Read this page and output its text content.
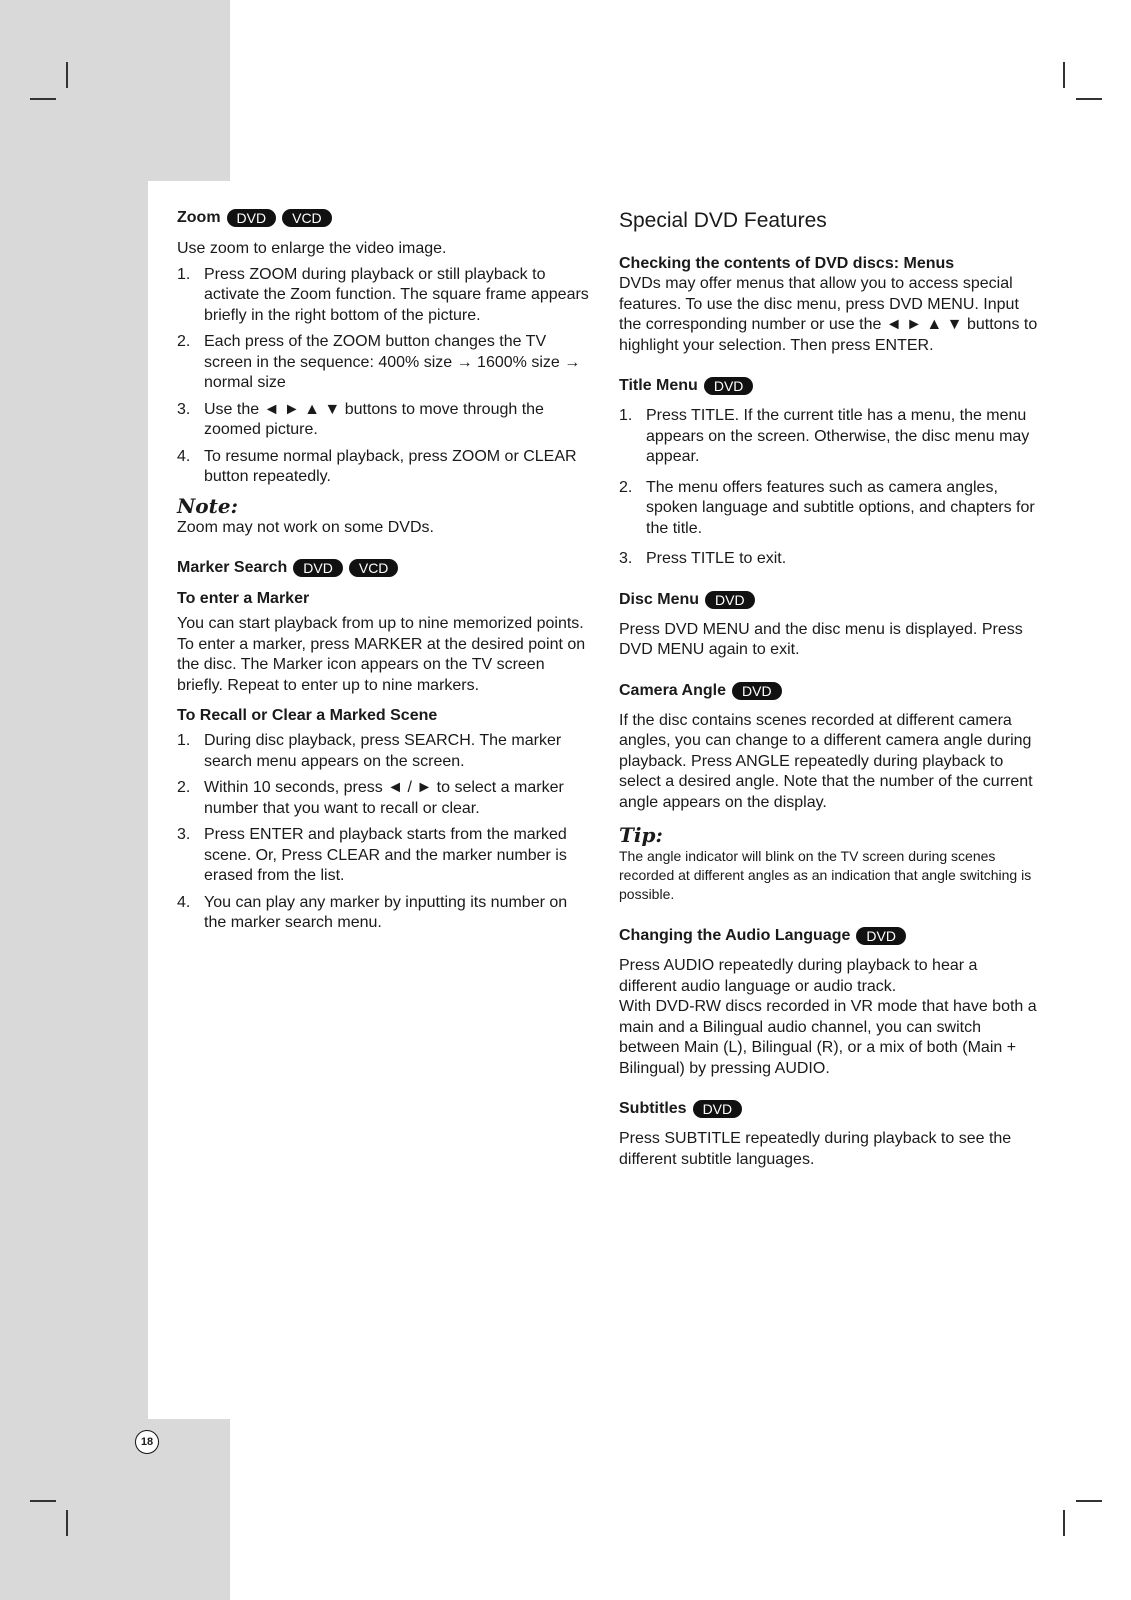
Zoom	DVD	VCD

Use zoom to enlarge the video image.

1. Press ZOOM during playback or still playback to activate the Zoom function. The square frame appears briefly in the right bottom of the picture.
2. Each press of the ZOOM button changes the TV screen in the sequence: 400% size → 1600% size → normal size
3. Use the ◄ ► ▲ ▼ buttons to move through the zoomed picture.
4. To resume normal playback, press ZOOM or CLEAR button repeatedly.
Note:

Zoom may not work on some DVDs.

Marker Search	DVD	VCD
To enter a Marker

You can start playback from up to nine memorized points. To enter a marker, press MARKER at the desired point on the disc. The Marker icon appears on the TV screen briefly. Repeat to enter up to nine markers.

To Recall or Clear a Marked Scene
1. During disc playback, press SEARCH. The marker search menu appears on the screen.
2. Within 10 seconds, press ◄ / ► to select a marker number that you want to recall or clear.
3. Press ENTER and playback starts from the marked scene. Or, Press CLEAR and the marker number is erased from the list.
4. You can play any marker by inputting its number on the marker search menu.
Special DVD Features
Checking the contents of DVD discs: Menus

DVDs may offer menus that allow you to access special features. To use the disc menu, press DVD MENU. Input the corresponding number or use the ◄ ► ▲ ▼ buttons to highlight your selection. Then press ENTER.

Title Menu	DVD
1. Press TITLE. If the current title has a menu, the menu appears on the screen. Otherwise, the disc menu may appear.
2. The menu offers features such as camera angles, spoken language and subtitle options, and chapters for the title.
3. Press TITLE to exit.
Disc Menu	DVD

Press DVD MENU and the disc menu is displayed. Press DVD MENU again to exit.

Camera Angle	DVD

If the disc contains scenes recorded at different camera angles, you can change to a different camera angle during playback. Press ANGLE repeatedly during playback to select a desired angle. Note that the number of the current angle appears on the display.

Tip:

The angle indicator will blink on the TV screen during scenes recorded at different angles as an indication that angle switching is possible.

Changing the Audio Language	DVD

Press AUDIO repeatedly during playback to hear a different audio language or audio track.

With DVD-RW discs recorded in VR mode that have both a main and a Bilingual audio channel, you can switch between Main (L), Bilingual (R), or a mix of both (Main + Bilingual) by pressing AUDIO.

Subtitles	DVD

Press SUBTITLE repeatedly during playback to see the different subtitle languages.

18
